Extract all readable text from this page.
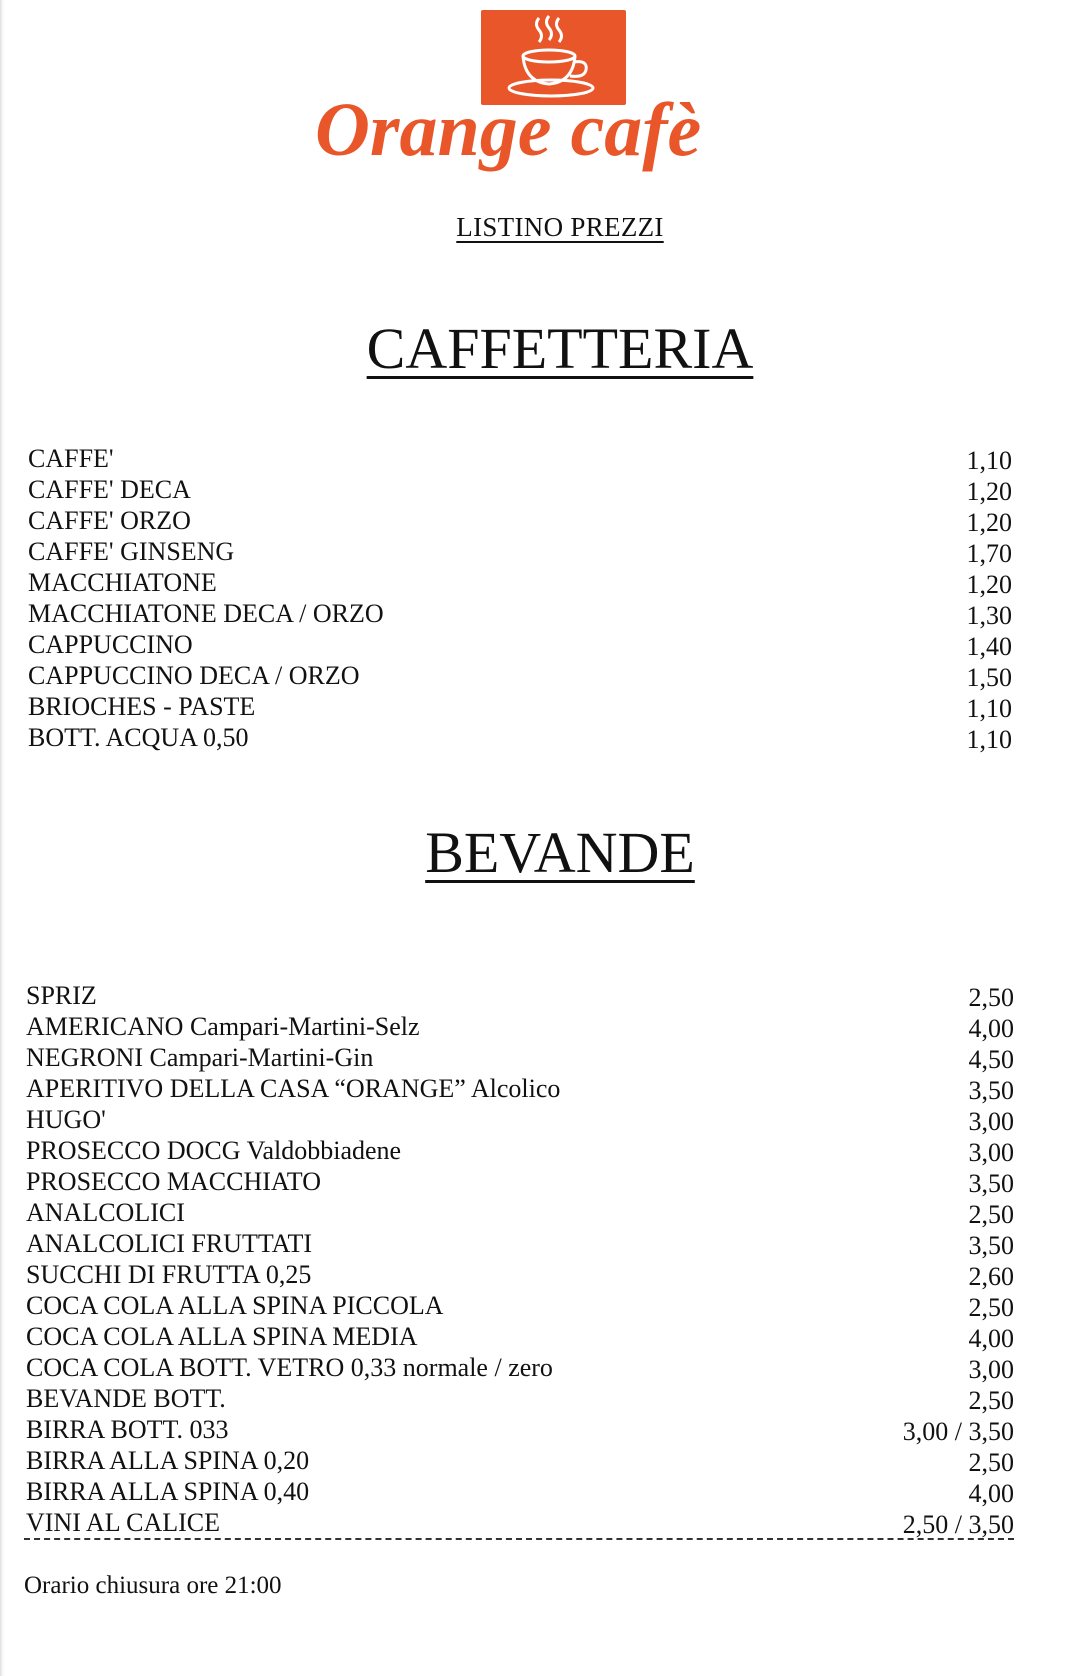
Orange cafè
LISTINO PREZZI
CAFFETTERIA
CAFFE'	1,10
CAFFE' DECA	1,20
CAFFE' ORZO	1,20
CAFFE' GINSENG	1,70
MACCHIATONE	1,20
MACCHIATONE DECA / ORZO	1,30
CAPPUCCINO	1,40
CAPPUCCINO DECA / ORZO	1,50
BRIOCHES - PASTE	1,10
BOTT. ACQUA 0,50	1,10
BEVANDE
SPRIZ	2,50
AMERICANO Campari-Martini-Selz	4,00
NEGRONI Campari-Martini-Gin	4,50
APERITIVO DELLA CASA “ORANGE” Alcolico	3,50
HUGO'	3,00
PROSECCO DOCG Valdobbiadene	3,00
PROSECCO MACCHIATO	3,50
ANALCOLICI	2,50
ANALCOLICI FRUTTATI	3,50
SUCCHI DI FRUTTA 0,25	2,60
COCA COLA ALLA SPINA PICCOLA	2,50
COCA COLA ALLA SPINA MEDIA	4,00
COCA COLA BOTT. VETRO 0,33 normale / zero	3,00
BEVANDE BOTT.	2,50
BIRRA BOTT. 033	3,00 / 3,50
BIRRA ALLA SPINA 0,20	2,50
BIRRA ALLA SPINA 0,40	4,00
VINI AL CALICE	2,50 / 3,50
Orario chiusura ore 21:00
